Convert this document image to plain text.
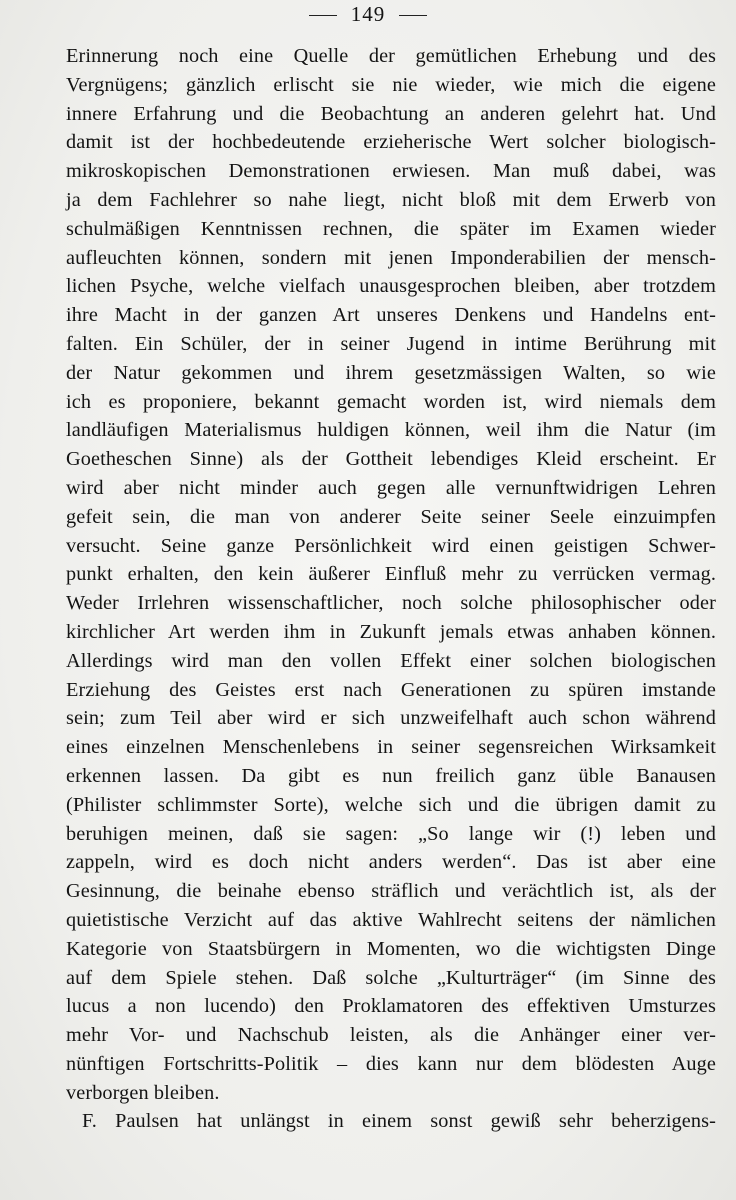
149
Erinnerung noch eine Quelle der gemütlichen Erhebung und des
Vergnügens; gänzlich erlischt sie nie wieder, wie mich die eigene
innere Erfahrung und die Beobachtung an anderen gelehrt hat. Und
damit ist der hochbedeutende erzieherische Wert solcher biologisch-
mikroskopischen Demonstrationen erwiesen. Man muß dabei, was
ja dem Fachlehrer so nahe liegt, nicht bloß mit dem Erwerb von
schulmäßigen Kenntnissen rechnen, die später im Examen wieder
aufleuchten können, sondern mit jenen Imponderabilien der mensch-
lichen Psyche, welche vielfach unausgesprochen bleiben, aber trotzdem
ihre Macht in der ganzen Art unseres Denkens und Handelns ent-
falten. Ein Schüler, der in seiner Jugend in intime Berührung mit
der Natur gekommen und ihrem gesetzmässigen Walten, so wie
ich es proponiere, bekannt gemacht worden ist, wird niemals dem
landläufigen Materialismus huldigen können, weil ihm die Natur (im
Goetheschen Sinne) als der Gottheit lebendiges Kleid erscheint. Er
wird aber nicht minder auch gegen alle vernunftwidrigen Lehren
gefeit sein, die man von anderer Seite seiner Seele einzuimpfen
versucht. Seine ganze Persönlichkeit wird einen geistigen Schwer-
punkt erhalten, den kein äußerer Einfluß mehr zu verrücken vermag.
Weder Irrlehren wissenschaftlicher, noch solche philosophischer oder
kirchlicher Art werden ihm in Zukunft jemals etwas anhaben können.
Allerdings wird man den vollen Effekt einer solchen biologischen
Erziehung des Geistes erst nach Generationen zu spüren imstande
sein; zum Teil aber wird er sich unzweifelhaft auch schon während
eines einzelnen Menschenlebens in seiner segensreichen Wirksamkeit
erkennen lassen. Da gibt es nun freilich ganz üble Banausen
(Philister schlimmster Sorte), welche sich und die übrigen damit zu
beruhigen meinen, daß sie sagen: „So lange wir (!) leben und
zappeln, wird es doch nicht anders werden“. Das ist aber eine
Gesinnung, die beinahe ebenso sträflich und verächtlich ist, als der
quietistische Verzicht auf das aktive Wahlrecht seitens der nämlichen
Kategorie von Staatsbürgern in Momenten, wo die wichtigsten Dinge
auf dem Spiele stehen. Daß solche „Kulturträger“ (im Sinne des
lucus a non lucendo) den Proklamatoren des effektiven Umsturzes
mehr Vor- und Nachschub leisten, als die Anhänger einer ver-
nünftigen Fortschritts-Politik – dies kann nur dem blödesten Auge
verborgen bleiben.
F. Paulsen hat unlängst in einem sonst gewiß sehr beherzigens-
